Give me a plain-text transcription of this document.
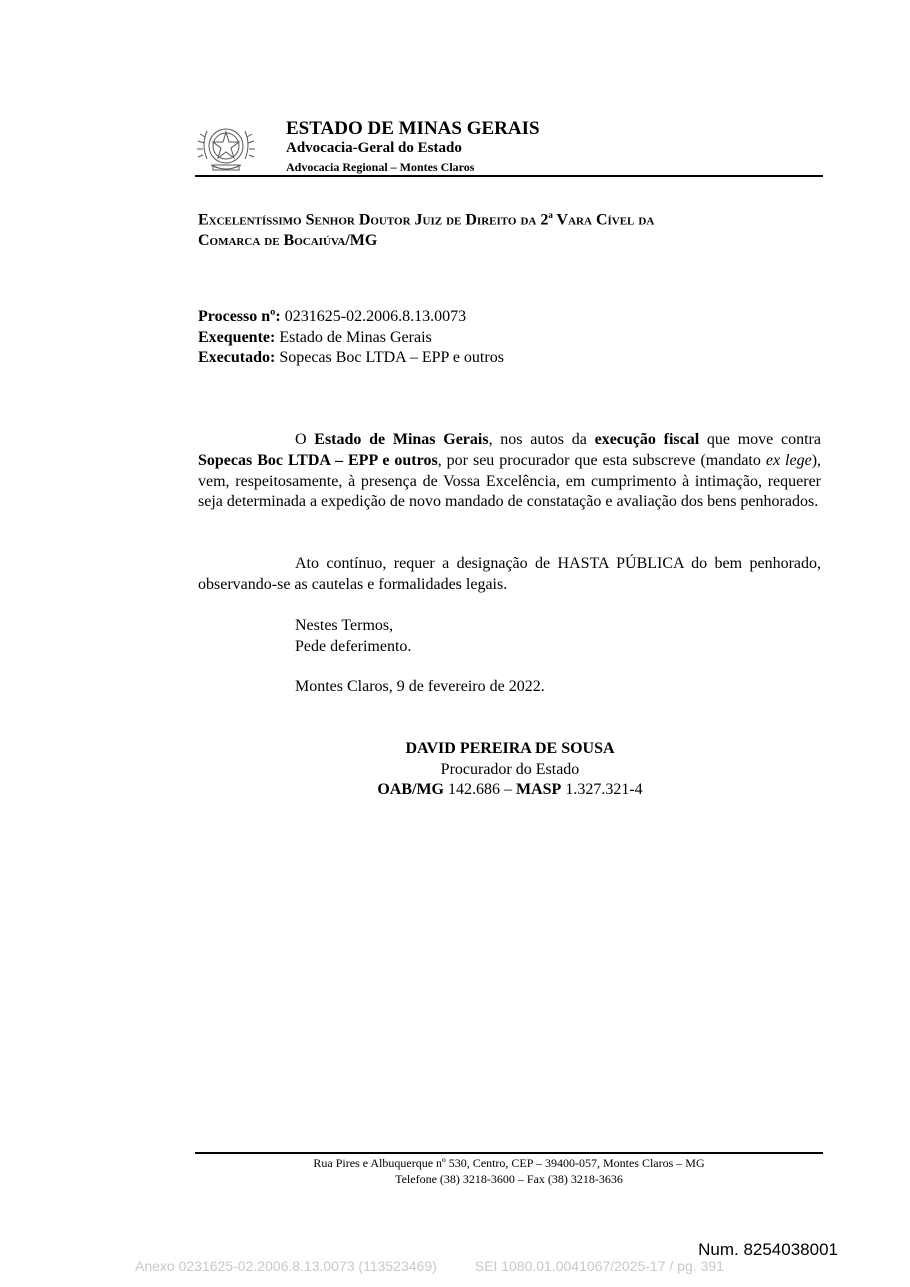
ESTADO DE MINAS GERAIS
Advocacia-Geral do Estado
Advocacia Regional – Montes Claros
Excelentíssimo Senhor Doutor Juiz de Direito da 2$^a$ Vara Cível da
Comarca de Bocaiúva/MG
Processo nº: 0231625-02.2006.8.13.0073
Exequente: Estado de Minas Gerais
Executado: Sopecas Boc LTDA – EPP e outros

O Estado de Minas Gerais, nos autos da execução fiscal que move contra Sopecas Boc LTDA – EPP e outros, por seu procurador que esta subscreve (mandato ex lege), vem, respeitosamente, à presença de Vossa Excelência, em cumprimento à intimação, requerer seja determinada a expedição de novo mandado de constatação e avaliação dos bens penhorados.

Ato contínuo, requer a designação de HASTA PÚBLICA do bem penhorado, observando-se as cautelas e formalidades legais.

Nestes Termos,
Pede deferimento.
Montes Claros, 9 de fevereiro de 2022.
DAVID PEREIRA DE SOUSA
Procurador do Estado
OAB/MG 142.686 – MASP 1.327.321-4
Rua Pires e Albuquerque nº 530, Centro, CEP – 39400-057, Montes Claros – MG
Telefone (38) 3218-3600 – Fax (38) 3218-3636
Num. 8254038001
Anexo 0231625-02.2006.8.13.0073 (113523469)	SEI 1080.01.0041067/2025-17 / pg. 391
